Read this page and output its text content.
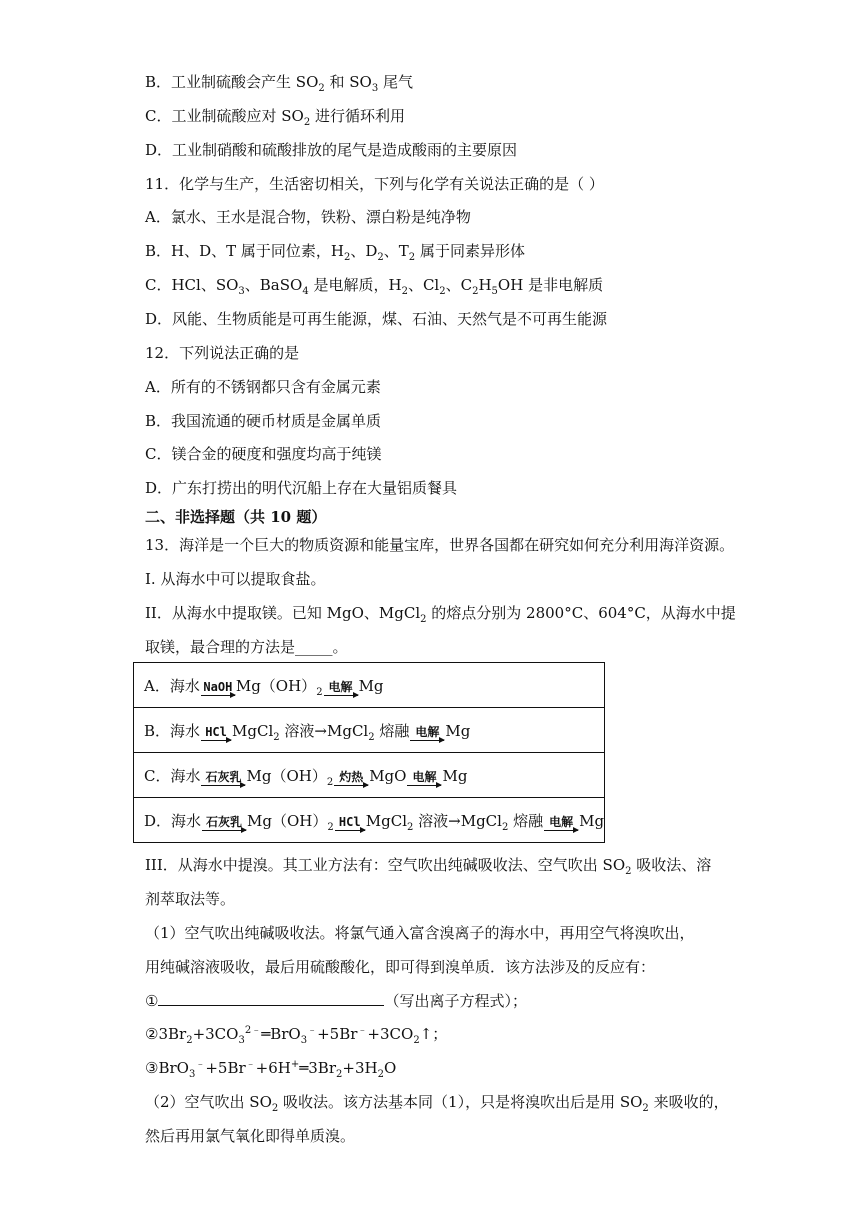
B．工业制硫酸会产生 $SO_2$ 和 $SO_3$ 尾气
C．工业制硫酸应对 $SO_2$ 进行循环利用
D．工业制硝酸和硫酸排放的尾气是造成酸雨的主要原因
11．化学与生产，生活密切相关，下列与化学有关说法正确的是（ ）
A．氯水、王水是混合物，铁粉、漂白粉是纯净物
B．H、D、T 属于同位素，$H_2$、$D_2$、$T_2$ 属于同素异形体
C．HCl、$SO_3$、BaSO$_4$ 是电解质，$H_2$、$Cl_2$、$C_2H_5OH$ 是非电解质
D．风能、生物质能是可再生能源，煤、石油、天然气是不可再生能源
12．下列说法正确的是
A．所有的不锈钢都只含有金属元素
B．我国流通的硬币材质是金属单质
C．镁合金的硬度和强度均高于纯镁
D．广东打捞出的明代沉船上存在大量铝质餐具
二、非选择题（共 10 题）
13．海洋是一个巨大的物质资源和能量宝库，世界各国都在研究如何充分利用海洋资源。
I. 从海水中可以提取食盐。
II．从海水中提取镁。已知 MgO、MgCl$_2$ 的熔点分别为 2800°C、604°C，从海水中提
取镁，最合理的方法是_____。
A．海水 NaOH $Mg(OH)_2$ 电解 Mg
B．海水 HCl MgCl$_2$ 溶液→MgCl$_2$ 熔融 电解 Mg
C．海水 石灰乳 $Mg(OH)_2$ 灼热 MgO 电解 Mg
D．海水 石灰乳 $Mg(OH)_2$ HCl MgCl$_2$ 溶液→MgCl$_2$ 熔融 电解 Mg
III．从海水中提溴。其工业方法有：空气吹出纯碱吸收法、空气吹出 $SO_2$ 吸收法、溶
剂萃取法等。
（1）空气吹出纯碱吸收法。将氯气通入富含溴离子的海水中，再用空气将溴吹出，
用纯碱溶液吸收，最后用硫酸酸化，即可得到溴单质．该方法涉及的反应有：
①	（写出离子方程式）；
$②3Br_2+3CO_3^{2﹣}═BrO_3^﹣+5Br^﹣+3CO_2↑$；
$③BrO_3^﹣+5Br^﹣+6H^+═3Br_2+3H_2O$
（2）空气吹出 $SO_2$ 吸收法。该方法基本同（1），只是将溴吹出后是用 $SO_2$ 来吸收的，
然后再用氯气氧化即得单质溴。
